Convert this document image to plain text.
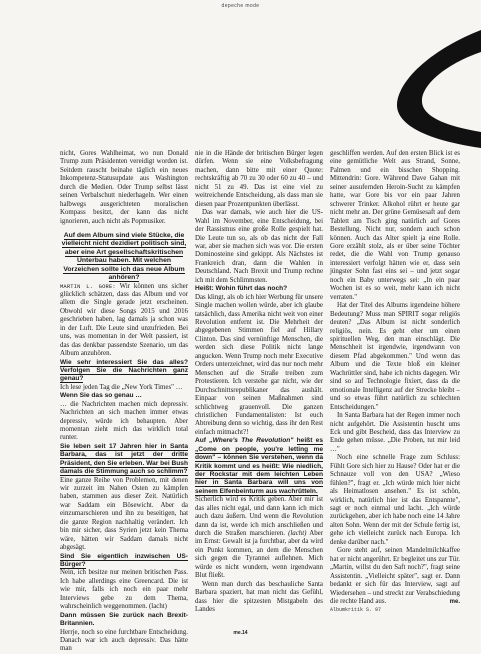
depeche mode

nicht, Gores Wahlheimat, wo nun Donald Trump zum Präsidenten vereidigt worden ist. Seitdem rauscht beinahe täglich ein neues Inkompetenz-Statusupdate aus Washington durch die Medien. Oder Trump selbst lässt seinen Verbalschutt niederhageln. Wer einen halbwegs ausgerichteten moralischen Kompass besitzt, der kann das nicht ignorieren, auch nicht als Popmusiker.

Auf dem Album sind viele Stücke, die vielleicht nicht dezidiert politisch sind, aber eine Art gesellschaftskritischen Unterbau haben. Mit welchen Vorzeichen sollte ich das neue Album anhören?

MARTIN L. GORE: Wir können uns sicher glücklich schätzen, dass das Album und vor allem die Single gerade jetzt erscheinen. Obwohl wir diese Songs 2015 und 2016 geschrieben haben, lag damals ja schon was in der Luft. Die Leute sind unzufrieden. Bei uns, was momentan in der Welt passiert, ist das das denkbar passendste Szenario, um das Album anzuhören.

Wie sehr interessiert Sie das alles? Verfolgen Sie die Nachrichten ganz genau?

Ich lese jeden Tag die „New York Times" …

Wenn Sie das so genau …

… die Nachrichten machen mich depressiv. Nachrichten an sich machen immer etwas depressiv, würde ich behaupten. Aber momentan zieht mich das wirklich total runter.

Sie leben seit 17 Jahren hier in Santa Barbara, das ist jetzt der dritte Präsident, den Sie erleben. War bei Bush damals die Stimmung auch so schlimm?

Eine ganze Reihe von Problemen, mit denen wir zurzeit im Nahen Osten zu kämpfen haben, stammen aus dieser Zeit. Natürlich war Saddam ein Bösewicht. Aber da einzumarschieren und ihn zu beseitigen, hat die ganze Region nachhaltig verändert. Ich bin mir sicher, dass Syrien jetzt kein Thema wäre, hätten wir Saddam damals nicht abgesägt.

Sind Sie eigentlich inzwischen US-Bürger?

Nein, ich besitze nur meinen britischen Pass. Ich habe allerdings eine Greencard. Die ist wie mir, falls ich noch ein paar mehr Interviews gebe zu dem Thema, wahrscheinlich weggenommen. (lacht)

Dann müssen Sie zurück nach Brexit-Britannien.

Herrje, noch so eine furchtbare Entscheidung. Danach war ich auch depressiv. Das hätte man

nie in die Hände der britischen Bürger legen dürfen. Wenn sie eine Volksbefragung machen, dann bitte mit einer Quote: rechtskräftig ab 70 zu 30 oder 60 zu 40 – und nicht 51 zu 49. Das ist eine viel zu weitreichende Entscheidung, als dass man sie diesen paar Prozentpunkten überlässt.

Das war damals, wie auch hier die US-Wahl im November, eine Entscheidung, bei der Rassismus eine große Rolle gespielt hat. Die Leute tun so, als ob das nicht der Fall war, aber sie machen sich was vor. Die ersten Dominosteine sind gekippt. Als Nächstes ist Frankreich dran, dann die Wahlen in Deutschland. Nach Brexit und Trump rechne ich mit dem Schlimmsten.

Heißt: Wohin führt das noch?

Das klingt, als ob ich hier Werbung für unsere Single machen wollen würde, aber ich glaube tatsächlich, dass Amerika nicht weit von einer Revolution entfernt ist. Die Mehrheit der abgegebenen Stimmen fiel auf Hillary Clinton. Das sind vernünftige Menschen, die werden sich diese Politik nicht lange angucken. Wenn Trump noch mehr Executive Orders unterzeichnet, wird das nur noch mehr Menschen auf die Straße treiben zum Protestieren. Ich verstehe gar nicht, wie der Durchschnittsrepublikaner das aushält. Einpaar von seinen Maßnahmen sind schlichtweg grauenvoll. Die ganzen christlichen Fundamentalisten: Ist euch Abtreibung denn so wichtig, dass ihr den Rest einfach mitmacht?!

Auf „Where's The Revolution" heißt es „Come on people, you're letting me down" – können Sie verstehen, wenn da Kritik kommt und es heißt: Wie niedlich, der Rockstar mit dem leichten Leben hier in Santa Barbara will uns von seinem Elfenbeinturm aus wachrütteln.

Sicherlich wird es Kritik geben. Aber mir ist das alles nicht egal, und dann kann ich mich auch dazu äußern. Und wenn die Revolution dann da ist, werde ich mich anschließen und durch die Straßen marschieren. (lacht) Aber im Ernst: Gewalt ist ja furchtbar, aber da wird ein Punkt kommen, an dem die Menschen sich gegen die Tyrannei auflehnen. Mich würde es nicht wundern, wenn irgendwann Blut fließt.

Wenn man durch das beschauliche Santa Barbara spaziert, hat man nicht das Gefühl, dass hier die spitzesten Mistgabeln des Landes

geschliffen werden. Auf den ersten Blick ist es eine gemütliche Welt aus Strand, Sonne, Palmen und ein bisschen Shopping. Mittendrin: Gore. Während Dave Gahan mit seiner ausufernden Heroin-Sucht zu kämpfen hatte, war Gore bis vor ein paar Jahren schwerer Trinker. Alkohol rührt er heute gar nicht mehr an. Der grüne Gemüsesaft auf dem Tablett am Tisch ging natürlich auf Gores Bestellung. Nicht nur, sondern auch schon können. Auch das Alter spielt ja eine Rolle. Gore erzählt stolz, als er über seine Töchter redet, die die Wahl von Trump genauso interessiert verfolgt hätten wie er, dass sein jüngster Sohn fast eins sei – und jetzt sogar noch ein Baby unterwegs sei: „In ein paar Wochen ist es so weit, mehr kann ich nicht verraten."

Hat der Titel des Albums irgendeine höhere Bedeutung? Muss man SPIRIT sogar religiös deuten? „Das Album ist nicht sonderlich religiös, nein. Es geht eher um einen spirituellen Weg, den man einschlägt. Die Menschheit ist irgendwie, irgendwann von diesem Pfad abgekommen." Und wenn das Album und die Texte bloß ein kleiner Wachrüttler sind, habe ich nichts dagegen. Wir sind so auf Technologie fixiert, dass da die emotionale Intelligenz auf der Strecke bleibt – und so etwas führt natürlich zu schlechten Entscheidungen."

In Santa Barbara hat der Regen immer noch nicht aufgehört. Die Assistentin huscht ums Eck und gibt Bescheid, dass das Interview zu Ende gehen müsse. „Die Proben, tut mir leid …"

Noch eine schnelle Frage zum Schluss: Fühlt Gore sich hier zu Hause? Oder hat er die Schnauze voll von den USA? „Wieso fühlen?", fragt er. „Ich würde mich hier nicht als Heimatlosen ansehen." Es ist schön, wirklich, natürlich hier ist das Entspannte", sagt er noch einmal und lacht. „Ich würde zurückgehen, aber ich habe noch eine 14 Jahre alten Sohn. Wenn der mit der Schule fertig ist, gehe ich vielleicht zurück nach Europa. Ich denke darüber nach."

Gore steht auf, seinen Mandelmilchkaffee hat er nicht angerührt. Er begleitet uns zur Tür. „Martin, willst du den Saft noch?", fragt seine Assistentin. „Vielleicht später", sagt er. Dann bedankt er sich für das Interview, sagt auf Wiedersehen – und streckt zur Verabschiedung die rechte Hand aus.	me.

Albumkritik S. 97

me.14
